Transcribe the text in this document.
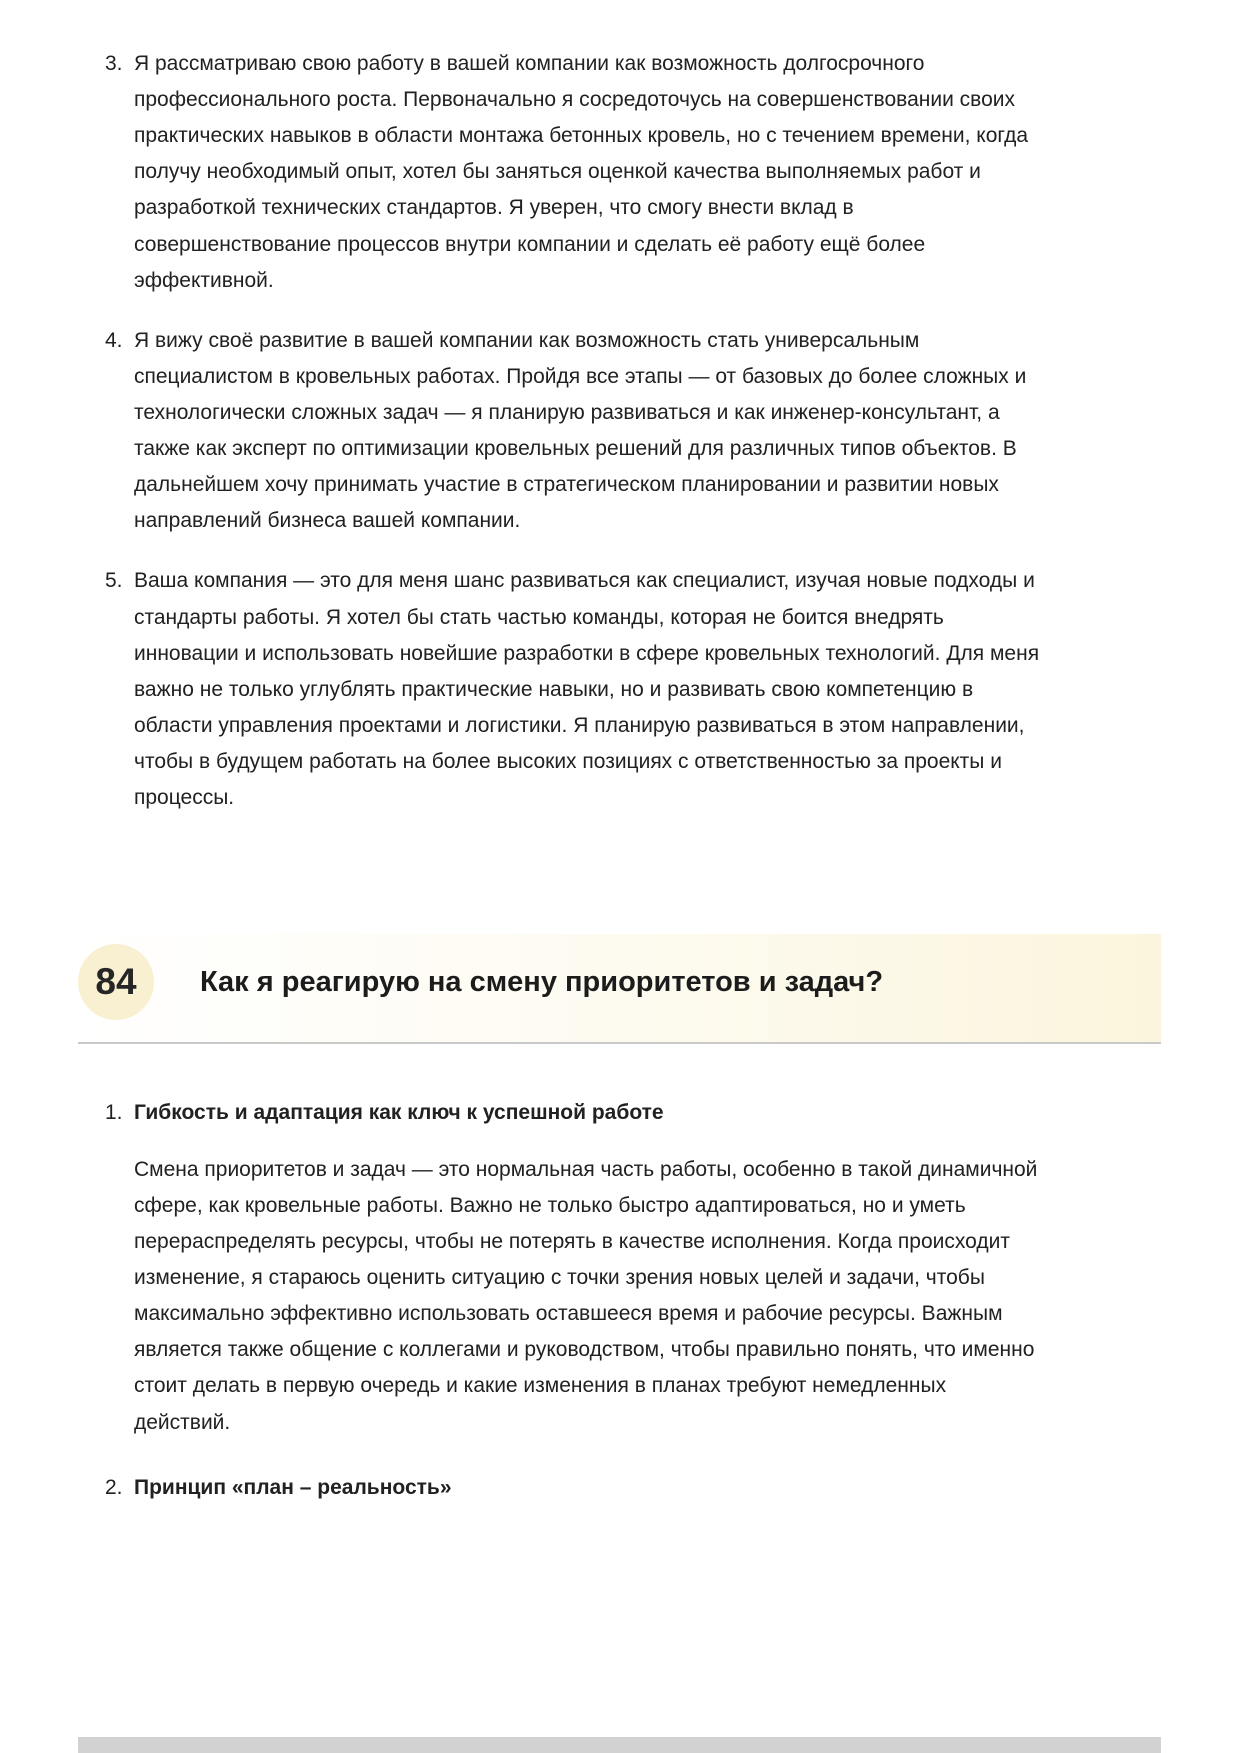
3. Я рассматриваю свою работу в вашей компании как возможность долгосрочного профессионального роста. Первоначально я сосредоточусь на совершенствовании своих практических навыков в области монтажа бетонных кровель, но с течением времени, когда получу необходимый опыт, хотел бы заняться оценкой качества выполняемых работ и разработкой технических стандартов. Я уверен, что смогу внести вклад в совершенствование процессов внутри компании и сделать её работу ещё более эффективной.
4. Я вижу своё развитие в вашей компании как возможность стать универсальным специалистом в кровельных работах. Пройдя все этапы — от базовых до более сложных и технологически сложных задач — я планирую развиваться и как инженер-консультант, а также как эксперт по оптимизации кровельных решений для различных типов объектов. В дальнейшем хочу принимать участие в стратегическом планировании и развитии новых направлений бизнеса вашей компании.
5. Ваша компания — это для меня шанс развиваться как специалист, изучая новые подходы и стандарты работы. Я хотел бы стать частью команды, которая не боится внедрять инновации и использовать новейшие разработки в сфере кровельных технологий. Для меня важно не только углублять практические навыки, но и развивать свою компетенцию в области управления проектами и логистики. Я планирую развиваться в этом направлении, чтобы в будущем работать на более высоких позициях с ответственностью за проекты и процессы.
84	Как я реагирую на смену приоритетов и задач?
1. Гибкость и адаптация как ключ к успешной работе

Смена приоритетов и задач — это нормальная часть работы, особенно в такой динамичной сфере, как кровельные работы. Важно не только быстро адаптироваться, но и уметь перераспределять ресурсы, чтобы не потерять в качестве исполнения. Когда происходит изменение, я стараюсь оценить ситуацию с точки зрения новых целей и задачи, чтобы максимально эффективно использовать оставшееся время и рабочие ресурсы. Важным является также общение с коллегами и руководством, чтобы правильно понять, что именно стоит делать в первую очередь и какие изменения в планах требуют немедленных действий.

2. Принцип «план – реальность»
